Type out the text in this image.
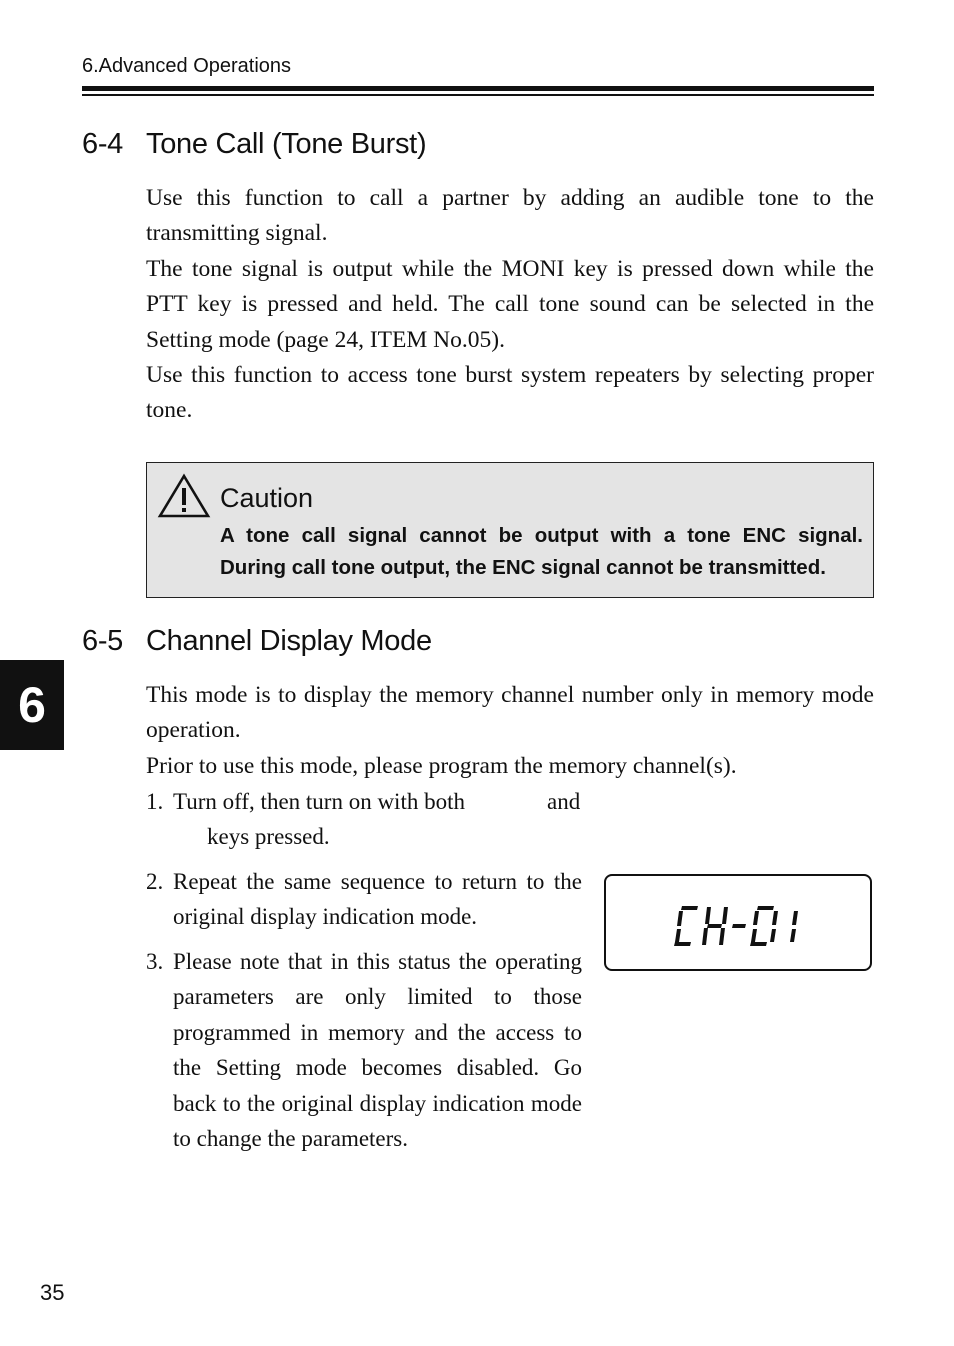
6.Advanced Operations
6-4 Tone Call (Tone Burst)

Use this function to call a partner by adding an audible tone to the transmitting signal.

The tone signal is output while the MONI key is pressed down while the PTT key is pressed and held. The call tone sound can be selected in the Setting mode (page 24, ITEM No.05).

Use this function to access tone burst system repeaters by selecting proper tone.

Caution

A tone call signal cannot be output with a tone ENC signal.

During call tone output, the ENC signal cannot be transmitted.

6
6-5 Channel Display Mode

This mode is to display the memory channel number only in memory mode operation.

Prior to use this mode, please program the memory channel(s).

1. Turn off, then turn on with both	and
keys pressed.
2. Repeat the same sequence to return to the original display indication mode.
3. Please note that in this status the operating parameters are only limited to those programmed in memory and the access to the Setting mode becomes disabled. Go back to the original display indication mode to change the parameters.
35
